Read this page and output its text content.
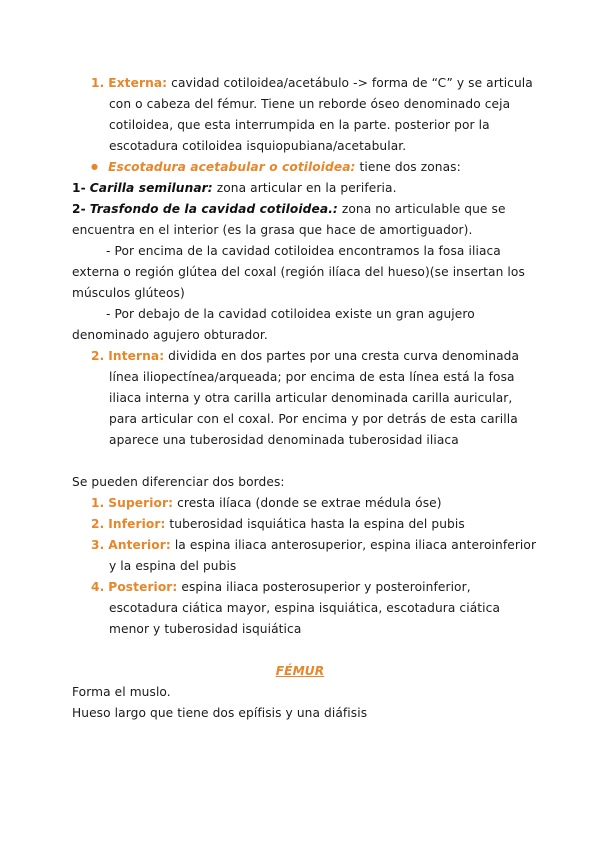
1. Externa: cavidad cotiloidea/acetábulo -> forma de “C” y se articula
con o cabeza del fémur. Tiene un reborde óseo denominado ceja
cotiloidea, que esta interrumpida en la parte. posterior por la
escotadura cotiloidea isquiopubiana/acetabular.
● Escotadura acetabular o cotiloidea: tiene dos zonas:
1- Carilla semilunar: zona articular en la periferia.
2- Trasfondo de la cavidad cotiloidea.: zona no articulable que se
encuentra en el interior (es la grasa que hace de amortiguador).
- Por encima de la cavidad cotiloidea encontramos la fosa iliaca
externa o región glútea del coxal (región ilíaca del hueso)(se insertan los
músculos glúteos)
- Por debajo de la cavidad cotiloidea existe un gran agujero
denominado agujero obturador.
2. Interna: dividida en dos partes por una cresta curva denominada
línea iliopectínea/arqueada; por encima de esta línea está la fosa
iliaca interna y otra carilla articular denominada carilla auricular,
para articular con el coxal. Por encima y por detrás de esta carilla
aparece una tuberosidad denominada tuberosidad iliaca
Se pueden diferenciar dos bordes:
1. Superior: cresta ilíaca (donde se extrae médula óse)
2. Inferior: tuberosidad isquiática hasta la espina del pubis
3. Anterior: la espina iliaca anterosuperior, espina iliaca anteroinferior
y la espina del pubis
4. Posterior: espina iliaca posterosuperior y posteroinferior,
escotadura ciática mayor, espina isquiática, escotadura ciática
menor y tuberosidad isquiática
FÉMUR
Forma el muslo.
Hueso largo que tiene dos epífisis y una diáfisis
